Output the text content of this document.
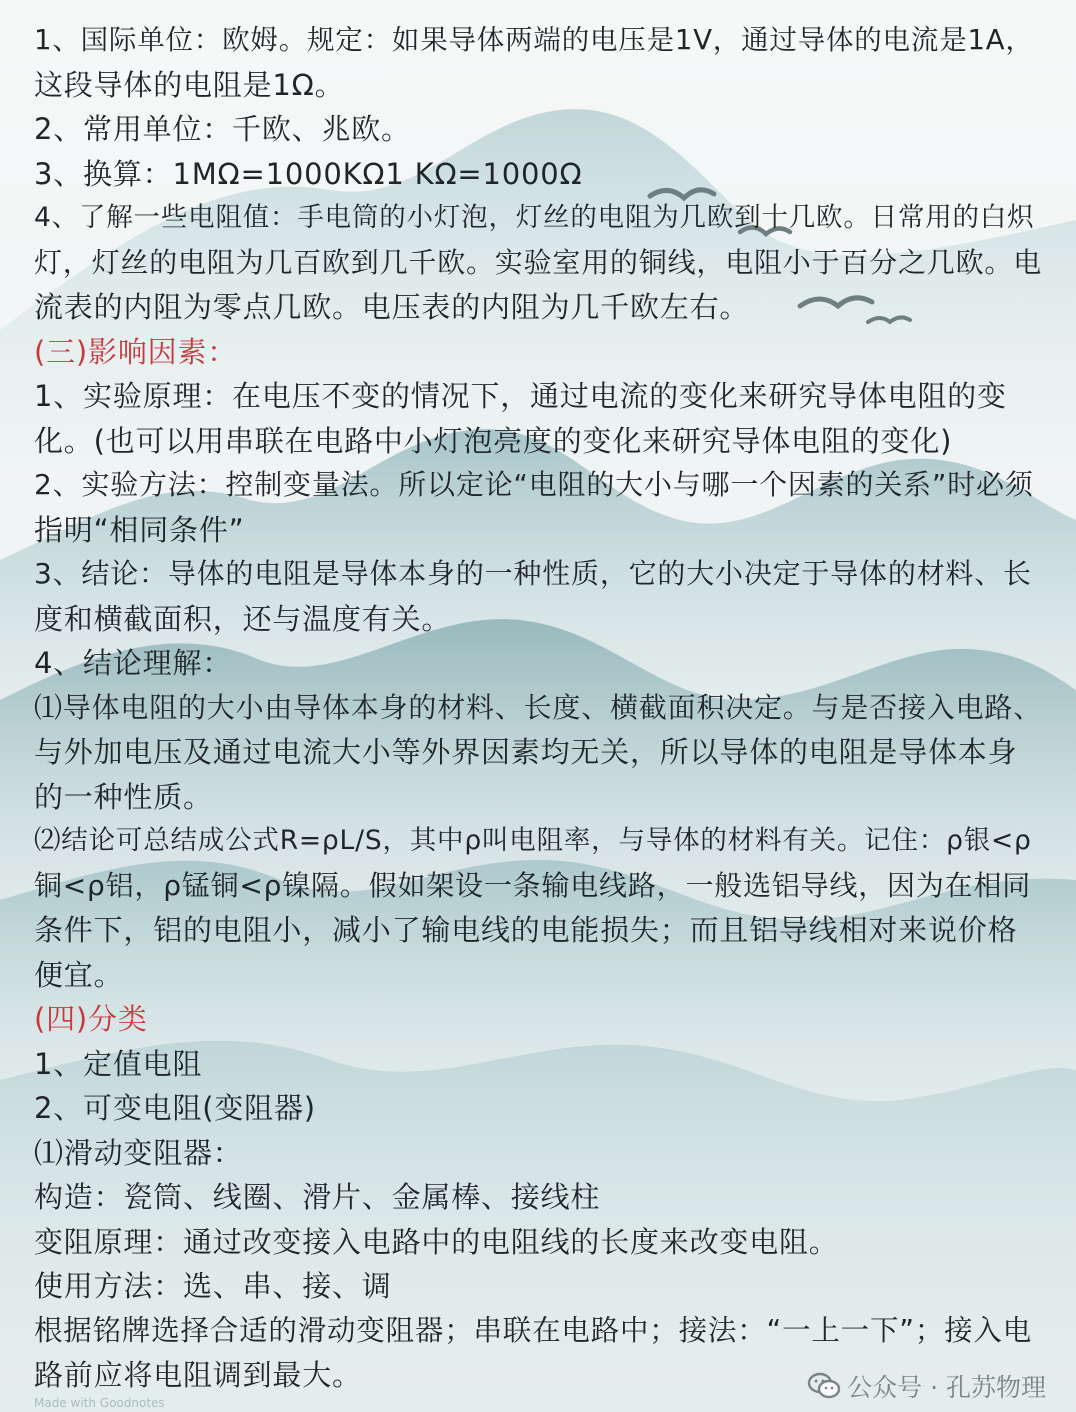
1、国际单位：欧姆。规定：如果导体两端的电压是1V，通过导体的电流是1A，
这段导体的电阻是1Ω。
2、常用单位：千欧、兆欧。
3、换算：1MΩ=1000KΩ1 KΩ=1000Ω
4、了解一些电阻值：手电筒的小灯泡，灯丝的电阻为几欧到十几欧。日常用的白炽
灯，灯丝的电阻为几百欧到几千欧。实验室用的铜线，电阻小于百分之几欧。电
流表的内阻为零点几欧。电压表的内阻为几千欧左右。
(三)影响因素：
1、实验原理：在电压不变的情况下，通过电流的变化来研究导体电阻的变
化。(也可以用串联在电路中小灯泡亮度的变化来研究导体电阻的变化)
2、实验方法：控制变量法。所以定论“电阻的大小与哪一个因素的关系”时必须
指明“相同条件”
3、结论：导体的电阻是导体本身的一种性质，它的大小决定于导体的材料、长
度和横截面积，还与温度有关。
4、结论理解：
⑴导体电阻的大小由导体本身的材料、长度、横截面积决定。与是否接入电路、
与外加电压及通过电流大小等外界因素均无关，所以导体的电阻是导体本身
的一种性质。
⑵结论可总结成公式R=ρL/S，其中ρ叫电阻率，与导体的材料有关。记住：ρ银<ρ
铜<ρ铝，ρ锰铜<ρ镍隔。假如架设一条输电线路，一般选铝导线，因为在相同
条件下，铝的电阻小，减小了输电线的电能损失；而且铝导线相对来说价格
便宜。
(四)分类
1、定值电阻
2、可变电阻(变阻器)
⑴滑动变阻器：
构造：瓷筒、线圈、滑片、金属棒、接线柱
变阻原理：通过改变接入电路中的电阻线的长度来改变电阻。
使用方法：选、串、接、调
根据铭牌选择合适的滑动变阻器；串联在电路中；接法：“一上一下”；接入电
路前应将电阻调到最大。
Made with Goodnotes
公众号 · 孔苏物理
